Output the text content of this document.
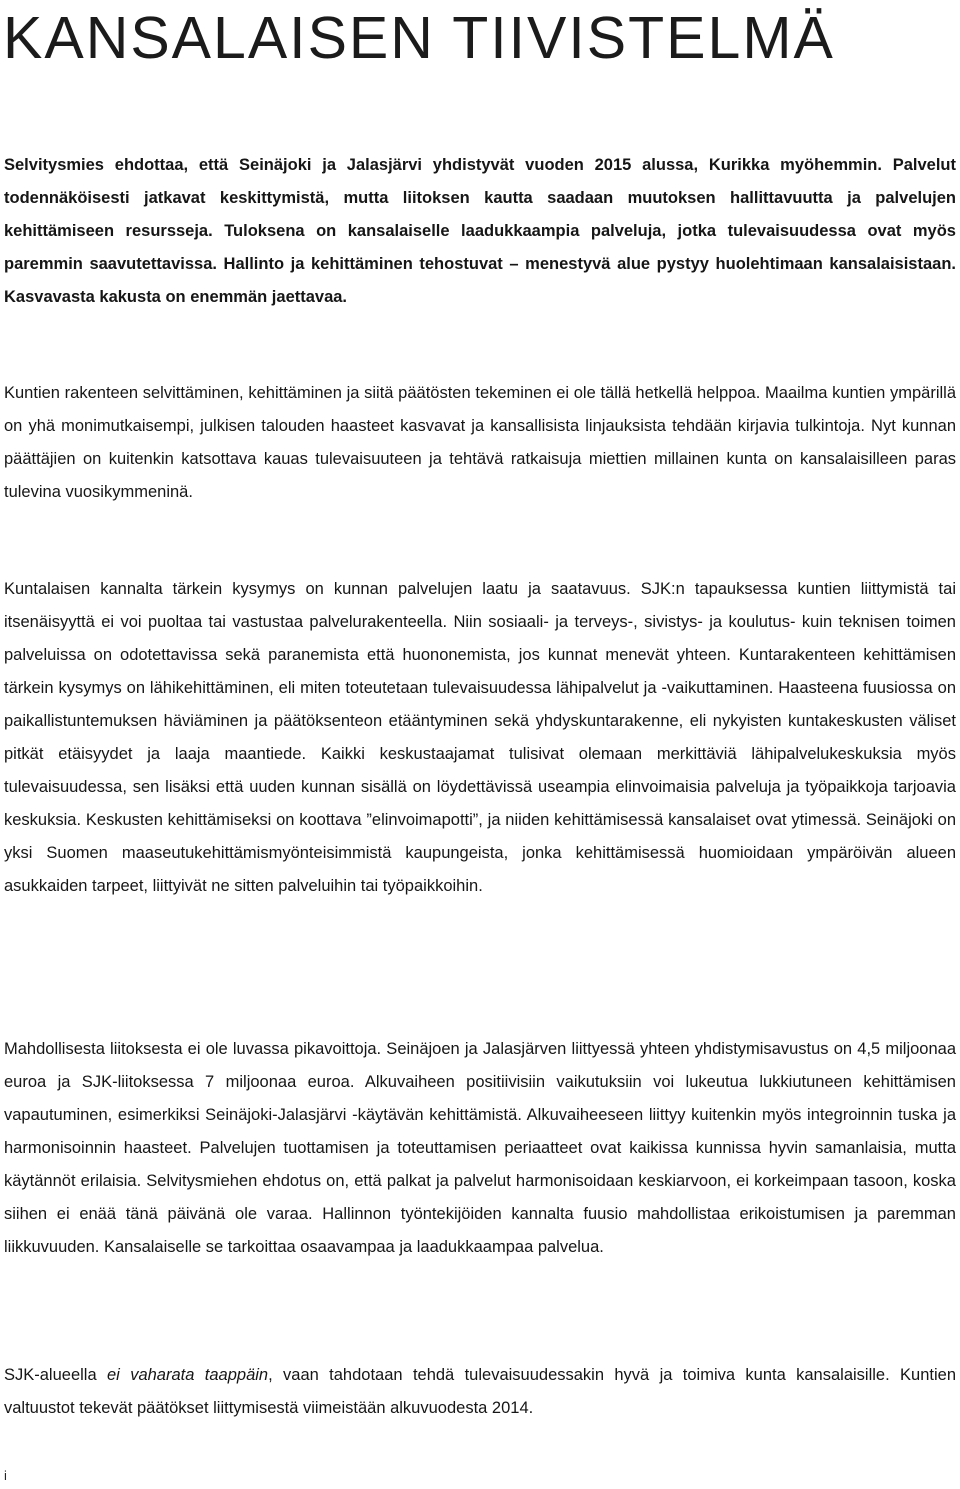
KANSALAISEN TIIVISTELMÄ

Selvitysmies ehdottaa, että Seinäjoki ja Jalasjärvi yhdistyvät vuoden 2015 alussa, Kurikka myöhemmin. Palvelut todennäköisesti jatkavat keskittymistä, mutta liitoksen kautta saadaan muutoksen hallittavuutta ja palvelujen kehittämiseen resursseja. Tuloksena on kansalaiselle laadukkaampia palveluja, jotka tulevaisuudessa ovat myös paremmin saavutettavissa. Hallinto ja kehittäminen tehostuvat – menestyvä alue pystyy huolehtimaan kansalaisistaan. Kasvavasta kakusta on enemmän jaettavaa.

Kuntien rakenteen selvittäminen, kehittäminen ja siitä päätösten tekeminen ei ole tällä hetkellä helppoa. Maailma kuntien ympärillä on yhä monimutkaisempi, julkisen talouden haasteet kasvavat ja kansallisista linjauksista tehdään kirjavia tulkintoja. Nyt kunnan päättäjien on kuitenkin katsottava kauas tulevaisuuteen ja tehtävä ratkaisuja miettien millainen kunta on kansalaisilleen paras tulevina vuosikymmeninä.

Kuntalaisen kannalta tärkein kysymys on kunnan palvelujen laatu ja saatavuus. SJK:n tapauksessa kuntien liittymistä tai itsenäisyyttä ei voi puoltaa tai vastustaa palvelurakenteella. Niin sosiaali- ja terveys-, sivistys- ja koulutus- kuin teknisen toimen palveluissa on odotettavissa sekä paranemista että huononemista, jos kunnat menevät yhteen. Kuntarakenteen kehittämisen tärkein kysymys on lähikehittäminen, eli miten toteutetaan tulevaisuudessa lähipalvelut ja -vaikuttaminen. Haasteena fuusiossa on paikallistuntemuksen häviäminen ja päätöksenteon etääntyminen sekä yhdyskuntarakenne, eli nykyisten kuntakeskusten väliset pitkät etäisyydet ja laaja maantiede. Kaikki keskustaajamat tulisivat olemaan merkittäviä lähipalvelukeskuksia myös tulevaisuudessa, sen lisäksi että uuden kunnan sisällä on löydettävissä useampia elinvoimaisia palveluja ja työpaikkoja tarjoavia keskuksia. Keskusten kehittämiseksi on koottava ”elinvoimapotti”, ja niiden kehittämisessä kansalaiset ovat ytimessä. Seinäjoki on yksi Suomen maaseutukehittämismyönteisimmistä kaupungeista, jonka kehittämisessä huomioidaan ympäröivän alueen asukkaiden tarpeet, liittyivät ne sitten palveluihin tai työpaikkoihin.

Mahdollisesta liitoksesta ei ole luvassa pikavoittoja. Seinäjoen ja Jalasjärven liittyessä yhteen yhdistymisavustus on 4,5 miljoonaa euroa ja SJK-liitoksessa 7 miljoonaa euroa. Alkuvaiheen positiivisiin vaikutuksiin voi lukeutua lukkiutuneen kehittämisen vapautuminen, esimerkiksi Seinäjoki-Jalasjärvi -käytävän kehittämistä. Alkuvaiheeseen liittyy kuitenkin myös integroinnin tuska ja harmonisoinnin haasteet. Palvelujen tuottamisen ja toteuttamisen periaatteet ovat kaikissa kunnissa hyvin samanlaisia, mutta käytännöt erilaisia. Selvitysmiehen ehdotus on, että palkat ja palvelut harmonisoidaan keskiarvoon, ei korkeimpaan tasoon, koska siihen ei enää tänä päivänä ole varaa. Hallinnon työntekijöiden kannalta fuusio mahdollistaa erikoistumisen ja paremman liikkuvuuden. Kansalaiselle se tarkoittaa osaavampaa ja laadukkaampaa palvelua.

SJK-alueella ei vaharata taappäin, vaan tahdotaan tehdä tulevaisuudessakin hyvä ja toimiva kunta kansalaisille. Kuntien valtuustot tekevät päätökset liittymisestä viimeistään alkuvuodesta 2014.

i
